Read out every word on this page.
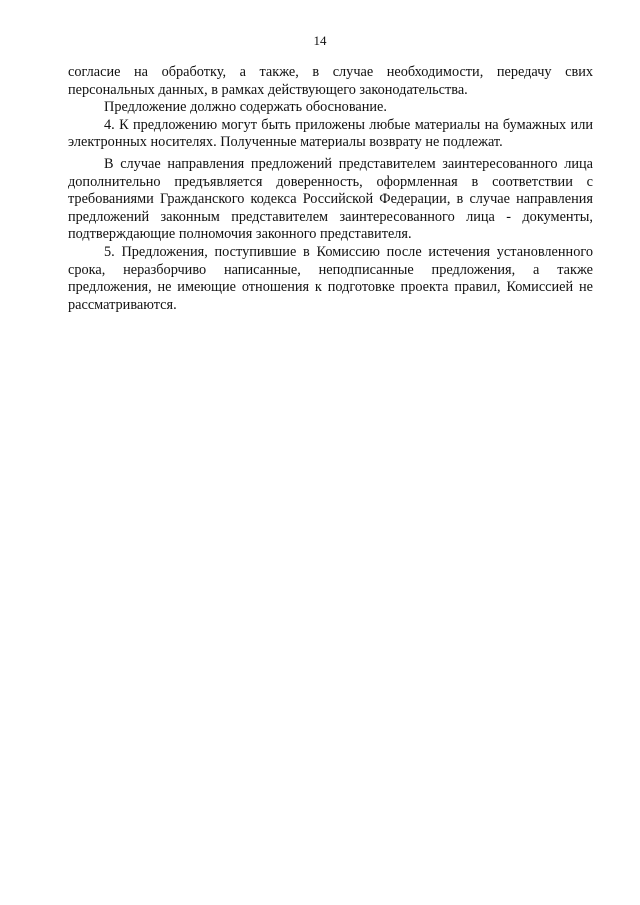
14

согласие на обработку, а также, в случае необходимости, передачу свих персональных данных, в рамках действующего законодательства.

Предложение должно содержать обоснование.

4. К предложению могут быть приложены любые материалы на бумажных или электронных носителях. Полученные материалы возврату не подлежат.

В случае направления предложений представителем заинтересованного лица дополнительно предъявляется доверенность, оформленная в соответствии с требованиями Гражданского кодекса Российской Федерации, в случае направления предложений законным представителем заинтересованного лица - документы, подтверждающие полномочия законного представителя.

5. Предложения, поступившие в Комиссию после истечения установленного срока, неразборчиво написанные, неподписанные предложения, а также предложения, не имеющие отношения к подготовке проекта правил, Комиссией не рассматриваются.
